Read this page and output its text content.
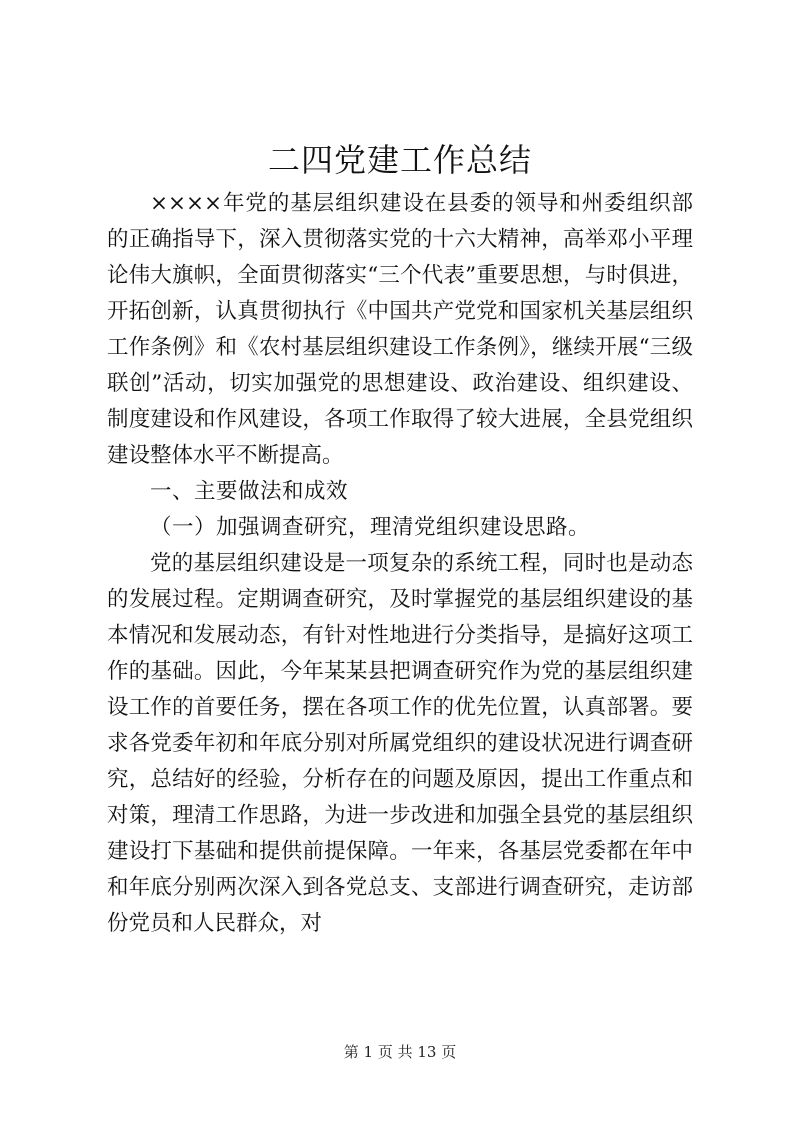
二四党建工作总结

××××年党的基层组织建设在县委的领导和州委组织部的正确指导下，深入贯彻落实党的十六大精神，高举邓小平理论伟大旗帜，全面贯彻落实“三个代表”重要思想，与时俱进，开拓创新，认真贯彻执行《中国共产党党和国家机关基层组织工作条例》和《农村基层组织建设工作条例》，继续开展“三级联创”活动，切实加强党的思想建设、政治建设、组织建设、制度建设和作风建设，各项工作取得了较大进展，全县党组织建设整体水平不断提高。

一、主要做法和成效

（一）加强调查研究，理清党组织建设思路。

党的基层组织建设是一项复杂的系统工程，同时也是动态的发展过程。定期调查研究，及时掌握党的基层组织建设的基本情况和发展动态，有针对性地进行分类指导，是搞好这项工作的基础。因此，今年某某县把调查研究作为党的基层组织建设工作的首要任务，摆在各项工作的优先位置，认真部署。要求各党委年初和年底分别对所属党组织的建设状况进行调查研究，总结好的经验，分析存在的问题及原因，提出工作重点和对策，理清工作思路，为进一步改进和加强全县党的基层组织建设打下基础和提供前提保障。一年来，各基层党委都在年中和年底分别两次深入到各党总支、支部进行调查研究，走访部份党员和人民群众，对

第 1 页 共 13 页
